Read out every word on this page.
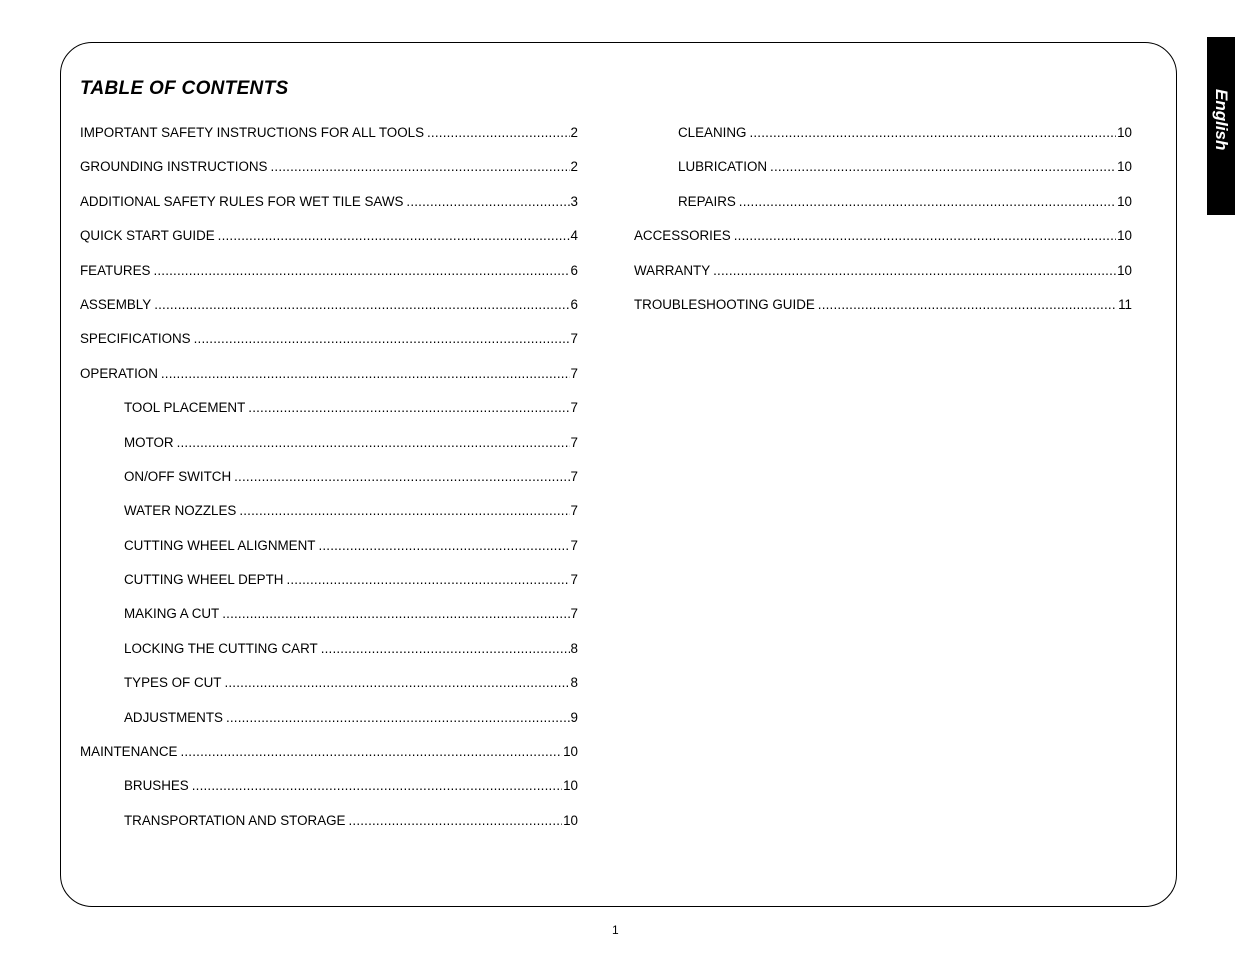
TABLE OF CONTENTS
IMPORTANT SAFETY INSTRUCTIONS FOR ALL TOOLS .....	2
GROUNDING INSTRUCTIONS .....	2
ADDITIONAL SAFETY RULES FOR WET TILE SAWS .....	3
QUICK START GUIDE .....	4
FEATURES .....	6
ASSEMBLY .....	6
SPECIFICATIONS .....	7
OPERATION .....	7
TOOL PLACEMENT .....	7
MOTOR .....	7
ON/OFF SWITCH .....	7
WATER NOZZLES .....	7
CUTTING WHEEL ALIGNMENT .....	7
CUTTING WHEEL DEPTH .....	7
MAKING A CUT .....	7
LOCKING THE CUTTING CART .....	8
TYPES OF CUT .....	8
ADJUSTMENTS .....	9
MAINTENANCE .....	10
BRUSHES .....	10
TRANSPORTATION AND STORAGE .....	10
CLEANING .....	10
LUBRICATION .....	10
REPAIRS .....	10
ACCESSORIES .....	10
WARRANTY .....	10
TROUBLESHOOTING GUIDE .....	11
English
1
